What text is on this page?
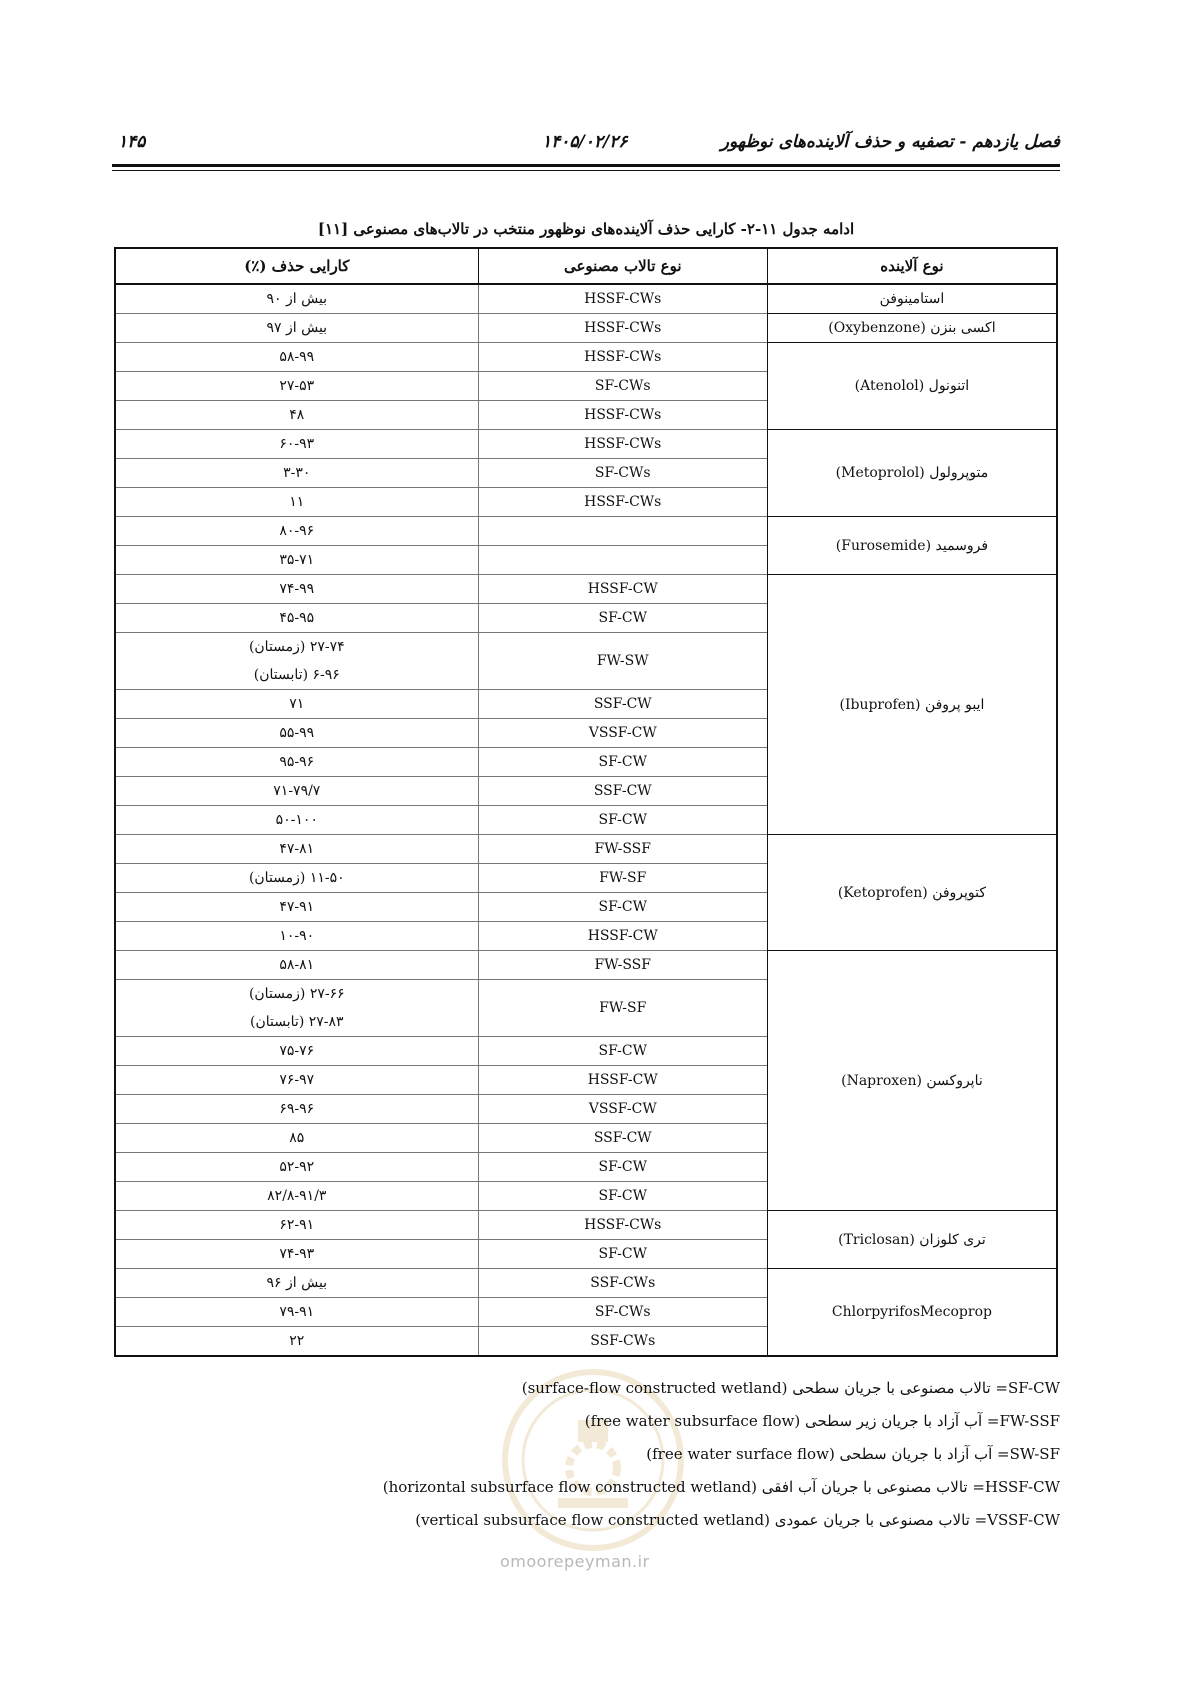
فصل یازدهم - تصفیه و حذف آلاینده‌های نوظهور
۱۴۰۵/۰۲/۲۶
۱۴۵
ادامه جدول ۱۱-۲- کارایی حذف آلاینده‌های نوظهور منتخب در تالاب‌های مصنوعی [۱۱]
نوع آلاینده	نوع تالاب مصنوعی	کارایی حذف (٪)
استامینوفن	HSSF-CWs	بیش از ۹۰
اکسی بنزن (Oxybenzone)	HSSF-CWs	بیش از ۹۷
اتنونول (Atenolol)	HSSF-CWs	۵۸-۹۹
	SF-CWs	۲۷-۵۳
	HSSF-CWs	۴۸
متوپرولول (Metoprolol)	HSSF-CWs	۶۰-۹۳
	SF-CWs	۳-۳۰
	HSSF-CWs	۱۱
فروسمید (Furosemide)		۸۰-۹۶
		۳۵-۷۱
ایبو پروفن (Ibuprofen)	HSSF-CW	۷۴-۹۹
	SF-CW	۴۵-۹۵
	FW-SW	۲۷-۷۴ (زمستان)
۶-۹۶ (تابستان)

	SSF-CW	۷۱
	VSSF-CW	۵۵-۹۹
	SF-CW	۹۵-۹۶
	SSF-CW	۷۱-۷۹/۷
	SF-CW	۵۰-۱۰۰
کتوپروفن (Ketoprofen)	FW-SSF	۴۷-۸۱
	FW-SF	۱۱-۵۰ (زمستان)
	SF-CW	۴۷-۹۱
	HSSF-CW	۱۰-۹۰
ناپروکسن (Naproxen)	FW-SSF	۵۸-۸۱
	FW-SF	۲۷-۶۶ (زمستان)
۲۷-۸۳ (تابستان)

	SF-CW	۷۵-۷۶
	HSSF-CW	۷۶-۹۷
	VSSF-CW	۶۹-۹۶
	SSF-CW	۸۵
	SF-CW	۵۲-۹۲
	SF-CW	۸۲/۸-۹۱/۳
تری کلوزان (Triclosan)	HSSF-CWs	۶۲-۹۱
	SF-CW	۷۴-۹۳
ChlorpyrifosMecoprop	SSF-CWs	بیش از ۹۶
	SF-CWs	۷۹-۹۱
	SSF-CWs	۲۲
omoorepeyman.ir
SF-CW= تالاب مصنوعی با جریان سطحی (surface-flow constructed wetland)
FW-SSF= آب آزاد با جریان زیر سطحی (free water subsurface flow)
SW-SF= آب آزاد با جریان سطحی (free water surface flow)
HSSF-CW= تالاب مصنوعی با جریان آب افقی (horizontal subsurface flow constructed wetland)
VSSF-CW= تالاب مصنوعی با جریان عمودی (vertical subsurface flow constructed wetland)
